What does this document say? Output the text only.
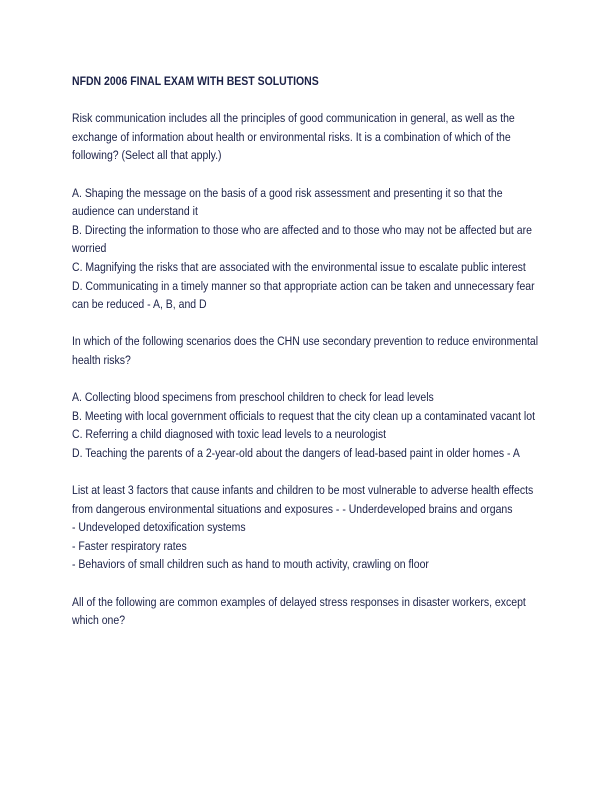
NFDN 2006 FINAL EXAM WITH BEST SOLUTIONS

Risk communication includes all the principles of good communication in general, as well as the exchange of information about health or environmental risks. It is a combination of which of the following? (Select all that apply.)

A. Shaping the message on the basis of a good risk assessment and presenting it so that the audience can understand it

B. Directing the information to those who are affected and to those who may not be affected but are worried

C. Magnifying the risks that are associated with the environmental issue to escalate public interest

D. Communicating in a timely manner so that appropriate action can be taken and unnecessary fear can be reduced - A, B, and D

In which of the following scenarios does the CHN use secondary prevention to reduce environmental health risks?

A. Collecting blood specimens from preschool children to check for lead levels

B. Meeting with local government officials to request that the city clean up a contaminated vacant lot

C. Referring a child diagnosed with toxic lead levels to a neurologist

D. Teaching the parents of a 2-year-old about the dangers of lead-based paint in older homes - A

List at least 3 factors that cause infants and children to be most vulnerable to adverse health effects from dangerous environmental situations and exposures - - Underdeveloped brains and organs

- Undeveloped detoxification systems

- Faster respiratory rates

- Behaviors of small children such as hand to mouth activity, crawling on floor

All of the following are common examples of delayed stress responses in disaster workers, except which one?
